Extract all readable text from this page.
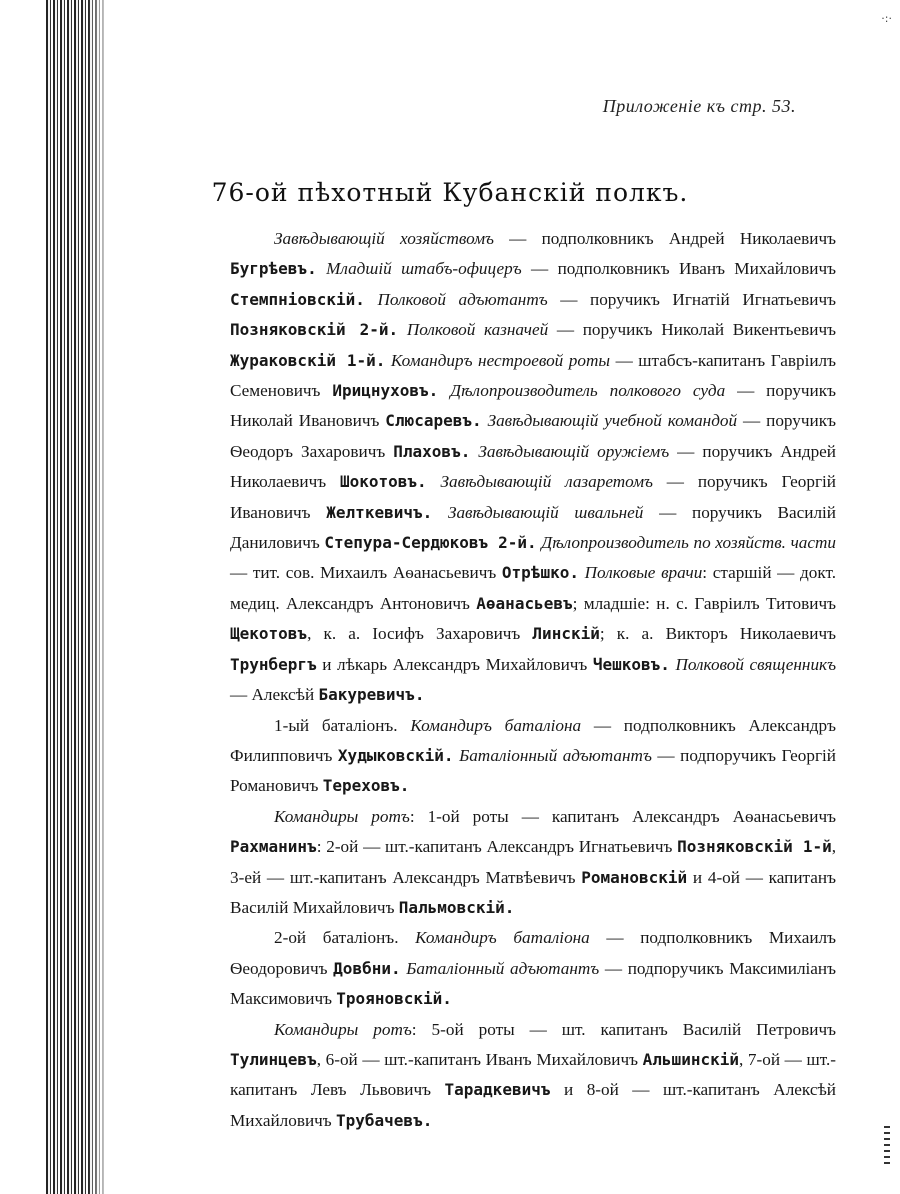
·:·
Приложеніе къ стр. 53.
76-ой пѣхотный Кубанскій полкъ.

Завѣдывающій хозяйствомъ — подполковникъ Андрей Николаевичъ Бугрѣевъ. Младшій штабъ-офицеръ — подполковникъ Иванъ Михайловичъ Стемпніовскій. Полковой адъютантъ — поручикъ Игнатій Игнатьевичъ Позняковскій 2-й. Полковой казначей — поручикъ Николай Викентьевичъ Жураковскій 1-й. Командиръ нестроевой роты — штабсъ-капитанъ Гавріилъ Семеновичъ Ирицнуховъ. Дѣлопроизводитель полкового суда — поручикъ Николай Ивановичъ Слюсаревъ. Завѣдывающій учебной командой — поручикъ Ѳеодоръ Захаровичъ Плаховъ. Завѣдывающій оружіемъ — поручикъ Андрей Николаевичъ Шокотовъ. Завѣдывающій лазаретомъ — поручикъ Георгій Ивановичъ Желткевичъ. Завѣдывающій швальней — поручикъ Василій Даниловичъ Степура-Сердюковъ 2-й. Дѣлопроизводитель по хозяйств. части — тит. сов. Михаилъ Аѳанасьевичъ Отрѣшко. Полковые врачи: старшій — докт. медиц. Александръ Антоновичъ Аѳанасьевъ; младшіе: н. с. Гавріилъ Титовичъ Щекотовъ, к. а. Іосифъ Захаровичъ Линскій; к. а. Викторъ Николаевичъ Трунбергъ и лѣкарь Александръ Михайловичъ Чешковъ. Полковой священникъ — Алексѣй Бакуревичъ.

1-ый баталіонъ. Командиръ баталіона — подполковникъ Александръ Филипповичъ Худыковскій. Баталіонный адъютантъ — подпоручикъ Георгій Романовичъ Тереховъ.

Командиры ротъ: 1-ой роты — капитанъ Александръ Аѳанасьевичъ Рахманинъ: 2-ой — шт.-капитанъ Александръ Игнатьевичъ Позняковскій 1-й, 3-ей — шт.-капитанъ Александръ Матвѣевичъ Романовскій и 4-ой — капитанъ Василій Михайловичъ Пальмовскій.

2-ой баталіонъ. Командиръ баталіона — подполковникъ Михаилъ Ѳеодоровичъ Довбни. Баталіонный адъютантъ — подпоручикъ Максимиліанъ Максимовичъ Трояновскій.

Командиры ротъ: 5-ой роты — шт. капитанъ Василій Петровичъ Тулинцевъ, 6-ой — шт.-капитанъ Иванъ Михайловичъ Альшинскій, 7-ой — шт.-капитанъ Левъ Львовичъ Тарадкевичъ и 8-ой — шт.-капитанъ Алексѣй Михайловичъ Трубачевъ.
